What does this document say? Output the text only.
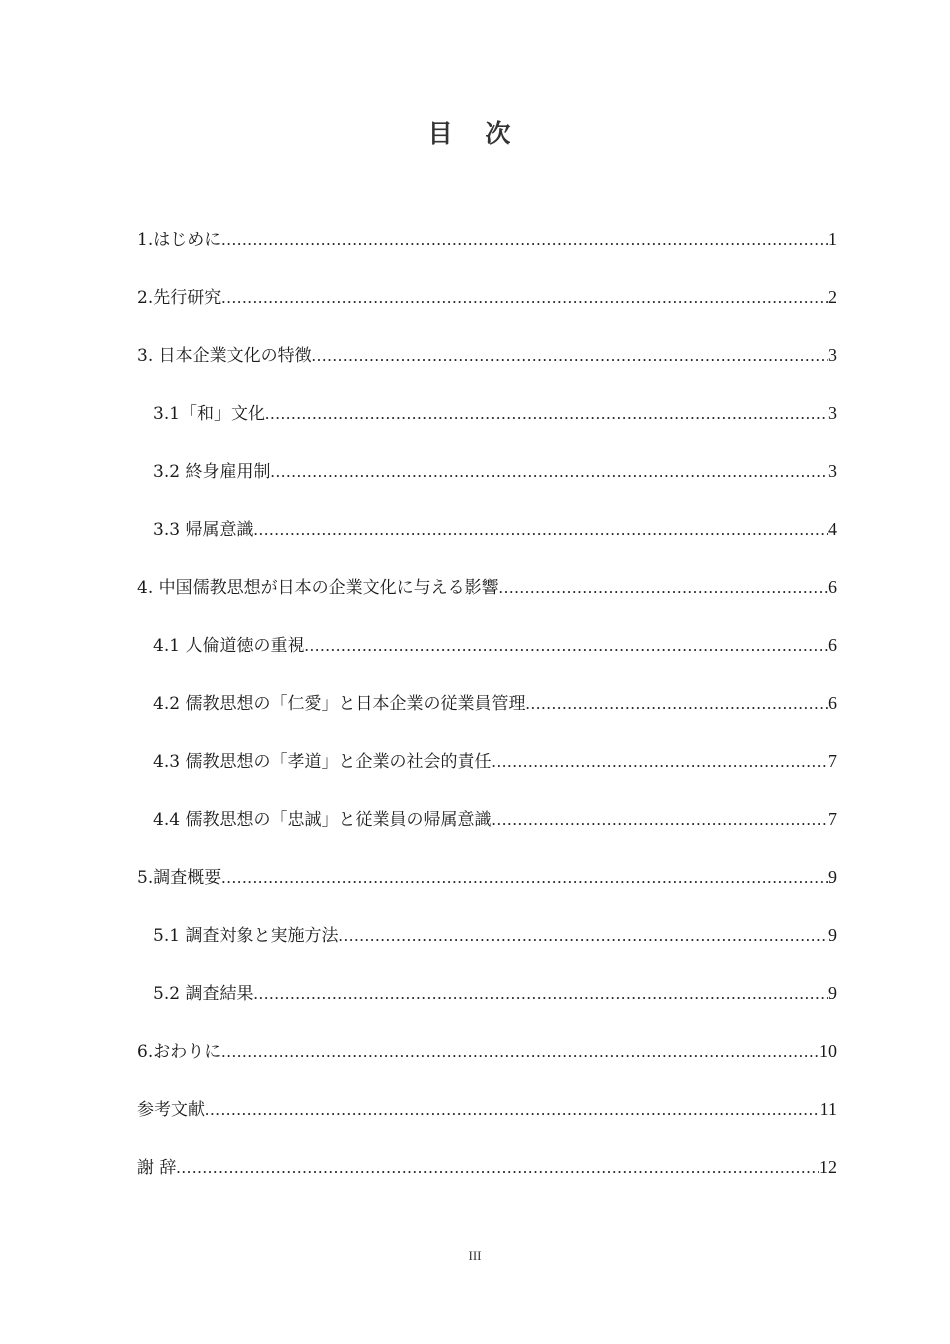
目 次
1.はじめに .....	1
2.先行研究 .....	2
3. 日本企業文化の特徴 .....	3
3.1「和」文化 .....	3
3.2 終身雇用制 .....	3
3.3 帰属意識 .....	4
4. 中国儒教思想が日本の企業文化に与える影響 .....	6
4.1 人倫道徳の重視 .....	6
4.2 儒教思想の「仁愛」と日本企業の従業員管理 .....	6
4.3 儒教思想の「孝道」と企業の社会的責任 .....	7
4.4 儒教思想の「忠誠」と従業員の帰属意識 .....	7
5.調査概要 .....	9
5.1 調査対象と実施方法 .....	9
5.2 調査結果 .....	9
6.おわりに .....	10
参考文献 .....	11
謝 辞 .....	12
III
